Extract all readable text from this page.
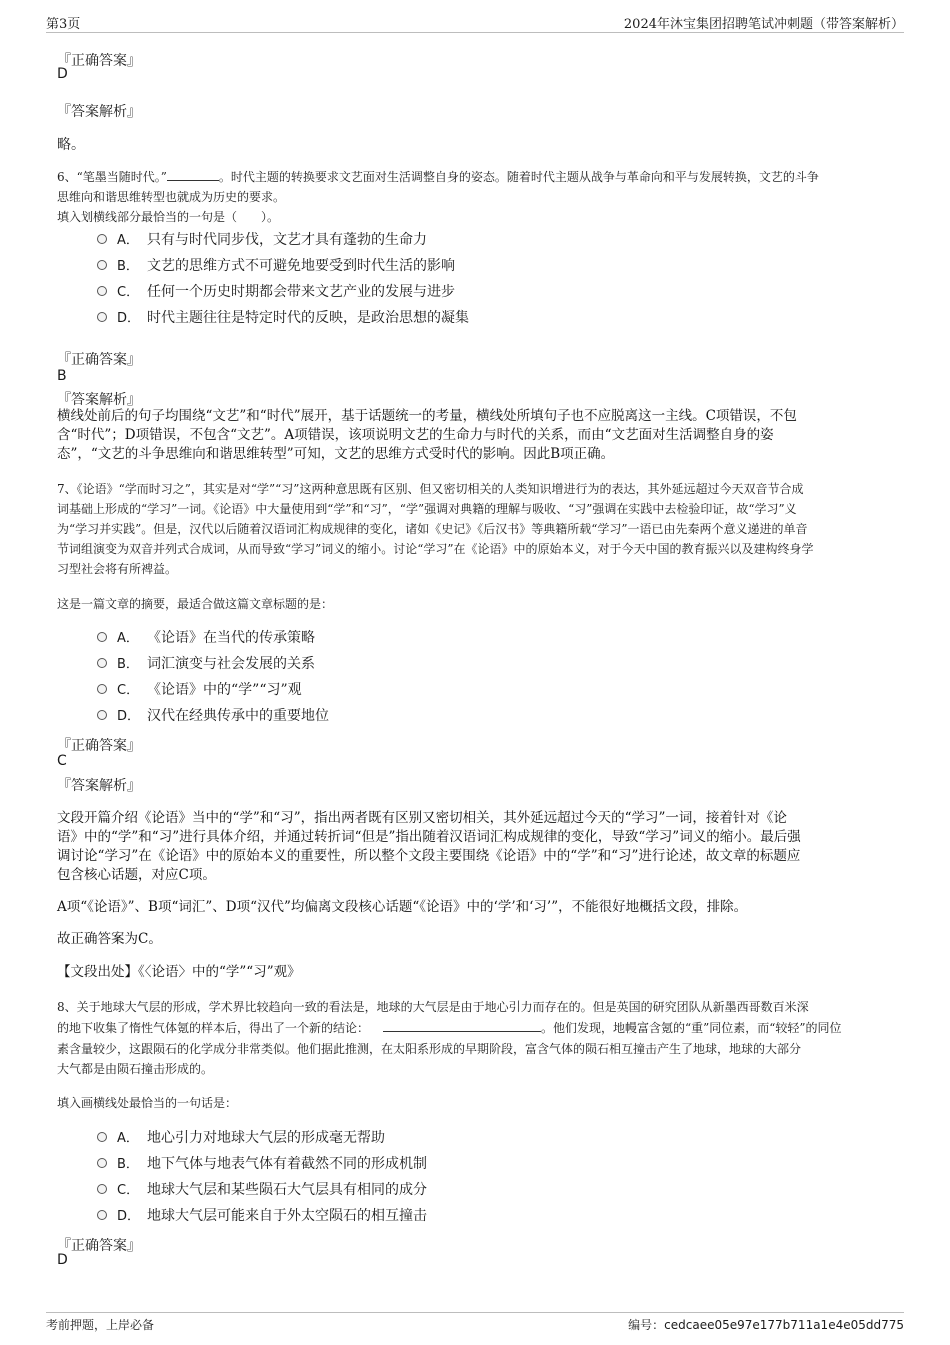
第3页	2024年沐宝集团招聘笔试冲刺题（带答案解析）
『正确答案』
D
『答案解析』
略。
6、“笔墨当随时代。”	。时代主题的转换要求文艺面对生活调整自身的姿态。随着时代主题从战争与革命向和平与发展转换，文艺的斗争
思维向和谐思维转型也就成为历史的要求。
填入划横线部分最恰当的一句是（　　）。
A． 只有与时代同步伐，文艺才具有蓬勃的生命力
B． 文艺的思维方式不可避免地要受到时代生活的影响
C． 任何一个历史时期都会带来文艺产业的发展与进步
D． 时代主题往往是特定时代的反映，是政治思想的凝集
『正确答案』
B
『答案解析』
横线处前后的句子均围绕“文艺”和“时代”展开，基于话题统一的考量，横线处所填句子也不应脱离这一主线。C项错误，不包
含“时代”；D项错误，不包含“文艺”。A项错误，该项说明文艺的生命力与时代的关系，而由“文艺面对生活调整自身的姿
态”，“文艺的斗争思维向和谐思维转型”可知，文艺的思维方式受时代的影响。因此B项正确。
7、《论语》“学而时习之”，其实是对“学”“习”这两种意思既有区别、但又密切相关的人类知识增进行为的表达，其外延远超过今天双音节合成
词基础上形成的“学习”一词。《论语》中大量使用到“学”和“习”，“学”强调对典籍的理解与吸收、“习”强调在实践中去检验印证，故“学习”义
为“学习并实践”。但是，汉代以后随着汉语词汇构成规律的变化，诸如《史记》《后汉书》等典籍所载“学习”一语已由先秦两个意义递进的单音
节词组演变为双音并列式合成词，从而导致“学习”词义的缩小。讨论“学习”在《论语》中的原始本义，对于今天中国的教育振兴以及建构终身学
习型社会将有所裨益。
这是一篇文章的摘要，最适合做这篇文章标题的是：
A． 《论语》在当代的传承策略
B． 词汇演变与社会发展的关系
C． 《论语》中的“学”“习”观
D． 汉代在经典传承中的重要地位
『正确答案』
C
『答案解析』
文段开篇介绍《论语》当中的“学”和“习”，指出两者既有区别又密切相关，其外延远超过今天的“学习”一词，接着针对《论
语》中的“学”和“习”进行具体介绍，并通过转折词“但是”指出随着汉语词汇构成规律的变化，导致“学习”词义的缩小。最后强
调讨论“学习”在《论语》中的原始本义的重要性，所以整个文段主要围绕《论语》中的“学”和“习”进行论述，故文章的标题应
包含核心话题，对应C项。
A项“《论语》”、B项“词汇”、D项“汉代”均偏离文段核心话题“《论语》中的‘学’和‘习’”，不能很好地概括文段，排除。
故正确答案为C。
【文段出处】《〈论语〉中的“学”“习”观》
8、关于地球大气层的形成，学术界比较趋向一致的看法是，地球的大气层是由于地心引力而存在的。但是英国的研究团队从新墨西哥数百米深
的地下收集了惰性气体氪的样本后，得出了一个新的结论：	。他们发现，地幔富含氪的“重”同位素，而“较轻”的同位
素含量较少，这跟陨石的化学成分非常类似。他们据此推测，在太阳系形成的早期阶段，富含气体的陨石相互撞击产生了地球，地球的大部分
大气都是由陨石撞击形成的。
填入画横线处最恰当的一句话是：
A． 地心引力对地球大气层的形成毫无帮助
B． 地下气体与地表气体有着截然不同的形成机制
C． 地球大气层和某些陨石大气层具有相同的成分
D． 地球大气层可能来自于外太空陨石的相互撞击
『正确答案』
D
考前押题，上岸必备	编号：cedcaee05e97e177b711a1e4e05dd775
